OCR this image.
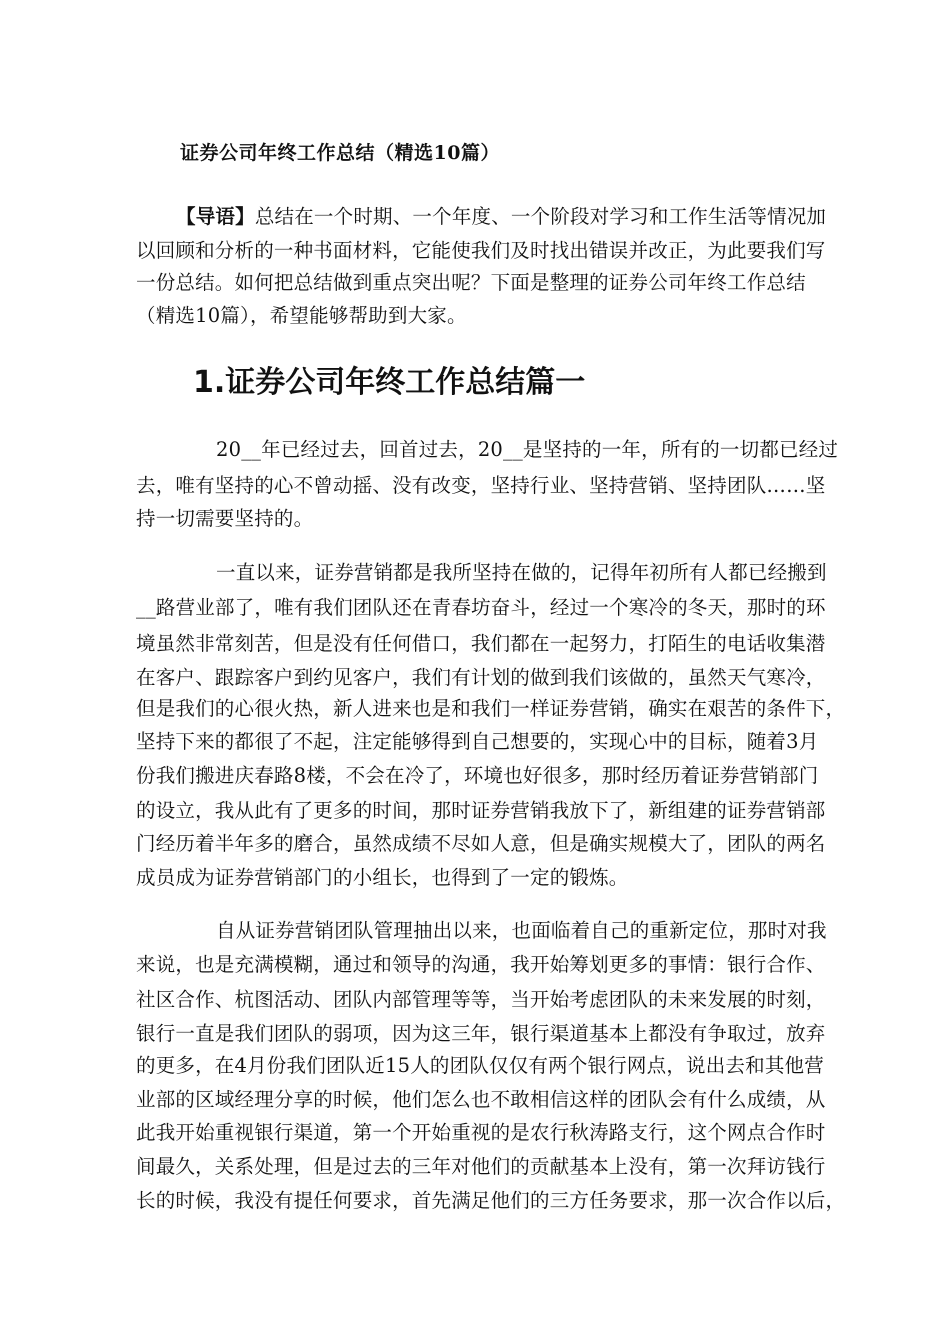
证券公司年终工作总结（精选10篇）
【导语】总结在一个时期、一个年度、一个阶段对学习和工作生活等情况加
以回顾和分析的一种书面材料，它能使我们及时找出错误并改正，为此要我们写
一份总结。如何把总结做到重点突出呢？下面是整理的证券公司年终工作总结
（精选10篇），希望能够帮助到大家。
1.证券公司年终工作总结篇一
20__年已经过去，回首过去，20__是坚持的一年，所有的一切都已经过
去，唯有坚持的心不曾动摇、没有改变，坚持行业、坚持营销、坚持团队……坚
持一切需要坚持的。
一直以来，证券营销都是我所坚持在做的，记得年初所有人都已经搬到
__路营业部了，唯有我们团队还在青春坊奋斗，经过一个寒冷的冬天，那时的环
境虽然非常刻苦，但是没有任何借口，我们都在一起努力，打陌生的电话收集潜
在客户、跟踪客户到约见客户，我们有计划的做到我们该做的，虽然天气寒冷，
但是我们的心很火热，新人进来也是和我们一样证券营销，确实在艰苦的条件下，
坚持下来的都很了不起，注定能够得到自己想要的，实现心中的目标，随着3月
份我们搬进庆春路8楼，不会在冷了，环境也好很多，那时经历着证券营销部门
的设立，我从此有了更多的时间，那时证券营销我放下了，新组建的证券营销部
门经历着半年多的磨合，虽然成绩不尽如人意，但是确实规模大了，团队的两名
成员成为证券营销部门的小组长，也得到了一定的锻炼。
自从证券营销团队管理抽出以来，也面临着自己的重新定位，那时对我
来说，也是充满模糊，通过和领导的沟通，我开始筹划更多的事情：银行合作、
社区合作、杭图活动、团队内部管理等等，当开始考虑团队的未来发展的时刻，
银行一直是我们团队的弱项，因为这三年，银行渠道基本上都没有争取过，放弃
的更多，在4月份我们团队近15人的团队仅仅有两个银行网点，说出去和其他营
业部的区域经理分享的时候，他们怎么也不敢相信这样的团队会有什么成绩，从
此我开始重视银行渠道，第一个开始重视的是农行秋涛路支行，这个网点合作时
间最久，关系处理，但是过去的三年对他们的贡献基本上没有，第一次拜访钱行
长的时候，我没有提任何要求，首先满足他们的三方任务要求，那一次合作以后，
